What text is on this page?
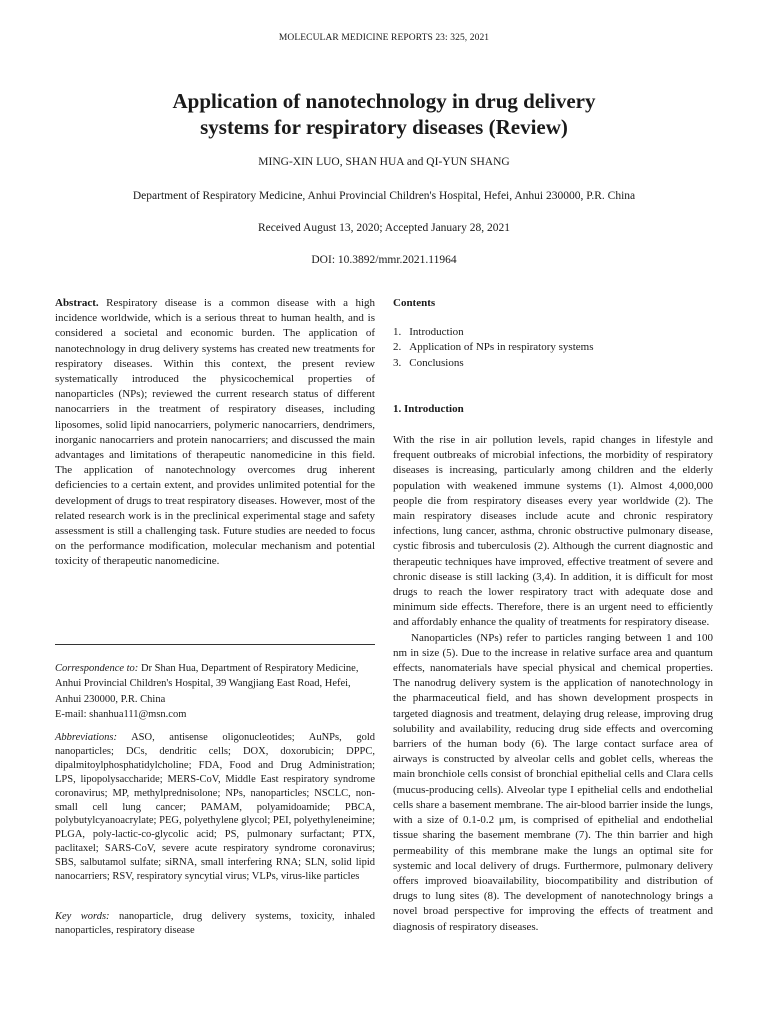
MOLECULAR MEDICINE REPORTS 23: 325, 2021
Application of nanotechnology in drug delivery
systems for respiratory diseases (Review)
MING-XIN LUO, SHAN HUA and QI-YUN SHANG
Department of Respiratory Medicine, Anhui Provincial Children's Hospital, Hefei, Anhui 230000, P.R. China
Received August 13, 2020; Accepted January 28, 2021
DOI: 10.3892/mmr.2021.11964

Abstract. Respiratory disease is a common disease with a high incidence worldwide, which is a serious threat to human health, and is considered a societal and economic burden. The application of nanotechnology in drug delivery systems has created new treatments for respiratory diseases. Within this context, the present review systematically introduced the physicochemical properties of nanoparticles (NPs); reviewed the current research status of different nanocarriers in the treatment of respiratory diseases, including liposomes, solid lipid nanocarriers, polymeric nanocarriers, dendrimers, inorganic nanocarriers and protein nanocarriers; and discussed the main advantages and limitations of therapeutic nanomedicine in this field. The application of nanotechnology overcomes drug inherent deficiencies to a certain extent, and provides unlimited potential for the development of drugs to treat respiratory diseases. However, most of the related research work is in the preclinical experimental stage and safety assessment is still a challenging task. Future studies are needed to focus on the performance modification, molecular mechanism and potential toxicity of therapeutic nanomedicine.

Correspondence to: Dr Shan Hua, Department of Respiratory Medicine, Anhui Provincial Children's Hospital, 39 Wangjiang East Road, Hefei, Anhui 230000, P.R. China

E-mail: shanhua111@msn.com

Abbreviations: ASO, antisense oligonucleotides; AuNPs, gold nanoparticles; DCs, dendritic cells; DOX, doxorubicin; DPPC, dipalmitoylphosphatidylcholine; FDA, Food and Drug Administration; LPS, lipopolysaccharide; MERS-CoV, Middle East respiratory syndrome coronavirus; MP, methylprednisolone; NPs, nanoparticles; NSCLC, non-small cell lung cancer; PAMAM, polyamidoamide; PBCA, polybutylcyanoacrylate; PEG, polyethylene glycol; PEI, polyethyleneimine; PLGA, poly-lactic-co-glycolic acid; PS, pulmonary surfactant; PTX, paclitaxel; SARS-CoV, severe acute respiratory syndrome coronavirus; SBS, salbutamol sulfate; siRNA, small interfering RNA; SLN, solid lipid nanocarriers; RSV, respiratory syncytial virus; VLPs, virus-like particles

Key words: nanoparticle, drug delivery systems, toxicity, inhaled nanoparticles, respiratory disease

Contents
1. Introduction
2. Application of NPs in respiratory systems
3. Conclusions
1. Introduction

With the rise in air pollution levels, rapid changes in lifestyle and frequent outbreaks of microbial infections, the morbidity of respiratory diseases is increasing, particularly among children and the elderly population with weakened immune systems (1). Almost 4,000,000 people die from respiratory diseases every year worldwide (2). The main respiratory diseases include acute and chronic respiratory infections, lung cancer, asthma, chronic obstructive pulmonary disease, cystic fibrosis and tuberculosis (2). Although the current diagnostic and therapeutic techniques have improved, effective treatment of severe and chronic disease is still lacking (3,4). In addition, it is difficult for most drugs to reach the lower respiratory tract with adequate dose and minimum side effects. Therefore, there is an urgent need to efficiently and affordably enhance the quality of treatments for respiratory disease.

Nanoparticles (NPs) refer to particles ranging between 1 and 100 nm in size (5). Due to the increase in relative surface area and quantum effects, nanomaterials have special physical and chemical properties. The nanodrug delivery system is the application of nanotechnology in the pharmaceutical field, and has shown development prospects in targeted diagnosis and treatment, delaying drug release, improving drug solubility and availability, reducing drug side effects and overcoming barriers of the human body (6). The large contact surface area of airways is constructed by alveolar cells and goblet cells, whereas the main bronchiole cells consist of bronchial epithelial cells and Clara cells (mucus-producing cells). Alveolar type I epithelial cells and endothelial cells share a basement membrane. The air-blood barrier inside the lungs, with a size of 0.1-0.2 μm, is comprised of epithelial and endothelial tissue sharing the basement membrane (7). The thin barrier and high permeability of this membrane make the lungs an optimal site for systemic and local delivery of drugs. Furthermore, pulmonary delivery offers improved bioavailability, biocompatibility and distribution of drugs to lung sites (8). The development of nanotechnology brings a novel broad perspective for improving the effects of treatment and diagnosis of respiratory diseases.
